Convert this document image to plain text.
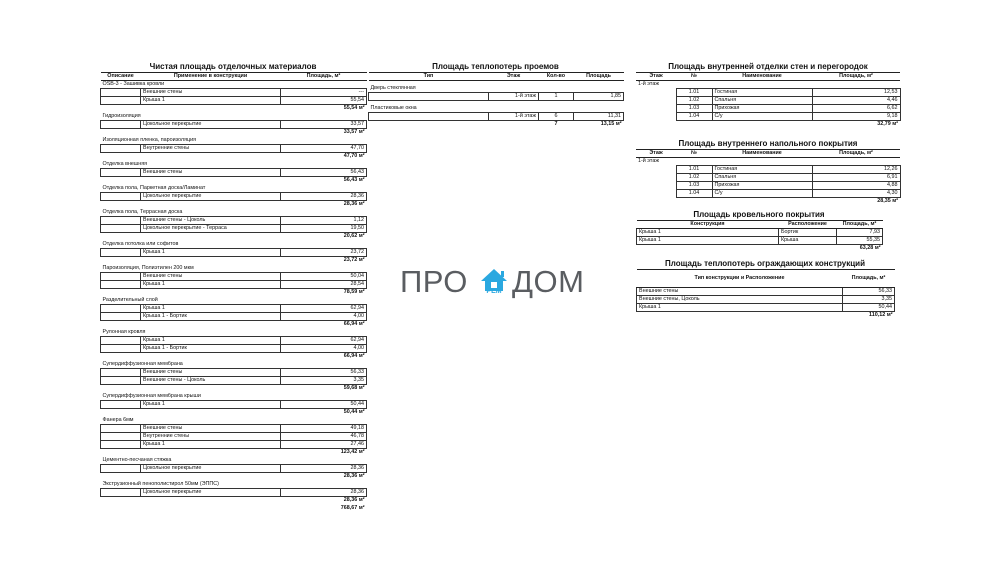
Чистая площадь отделочных материалов
Описание	Применение в конструкции	Площадь, м²
OSB-3 - Зашивка кровли		
	Внешние стены	---
	Крыша 1	55,54
		55,54 м²
Гидроизоляция		
	Цокольное перекрытие	33,57
		33,57 м²
Изоляционная пленка, пароизоляция		
	Внутренние стены	47,70
		47,70 м²
Отделка внешняя		
	Внешние стены	56,43
		56,43 м²
Отделка пола, Паркетная доска/Ламинат		
	Цокольное перекрытие	28,36
		28,36 м²
Отделка пола, Террасная доска		
	Внешние стены - Цоколь	1,12
	Цокольное перекрытие - Терраса	19,50
		20,62 м²
Отделка потолка или софитов		
	Крыша 1	23,72
		23,72 м²
Пароизоляция, Полиэтилен 200 мкм		
	Внешние стены	50,04
	Крыша 1	28,54
		78,59 м²
Разделительный слой		
	Крыша 1	62,94
	Крыша 1 - Бортик	4,00
		66,94 м²
Рулонная кровля		
	Крыша 1	62,94
	Крыша 1 - Бортик	4,00
		66,94 м²
Супердиффузионная мембрана		
	Внешние стены	56,33
	Внешние стены - Цоколь	3,35
		59,68 м²
Супердиффузионная мембрана крыши		
	Крыша 1	50,44
		50,44 м²
Фанера 6мм		
	Внешние стены	49,18
	Внутренние стены	46,78
	Крыша 1	27,46
		123,42 м²
Цементно-песчаная стяжка		
	Цокольное перекрытие	28,36
		28,36 м²
Экструзионный пенополистирол 50мм (ЭППС)		
	Цокольное перекрытие	28,36
		28,36 м²
		768,67 м²
Площадь теплопотерь проемов
Тип	Этаж	Кол-во	Площадь

Дверь стеклянная			
	1-й этаж	1	1,85

Пластиковые окна			
	1-й этаж	6	11,31
		7	13,15 м²
Площадь внутренней отделки стен и перегородок
Этаж	№	Наименование	Площадь, м²
1-й этаж			
	1.01	Гостиная	12,53
	1.02	Спальня	4,46
	1.03	Прихожая	6,62
	1.04	С/у	9,18
			32,79 м²
Площадь внутреннего напольного покрытия
Этаж	№	Наименование	Площадь, м²
1-й этаж			
	1.01	Гостиная	12,26
	1.02	Спальня	6,91
	1.03	Прихожая	4,88
	1.04	С/у	4,30
			28,35 м²
Площадь кровельного покрытия
Конструкция	Расположение	Площадь, м²
Крыша 1	Бортик	7,93
Крыша 1	Крыша	55,35
		63,28 м²
Площадь теплопотерь ограждающих конструкций
Тип конструкции и Расположение	Площадь, м²
Внешние стены	56,33
Внешние стены, Цоколь	3,35
Крыша 1	50,44
	110,12 м²
ПРО	РЕМ ДОМ
